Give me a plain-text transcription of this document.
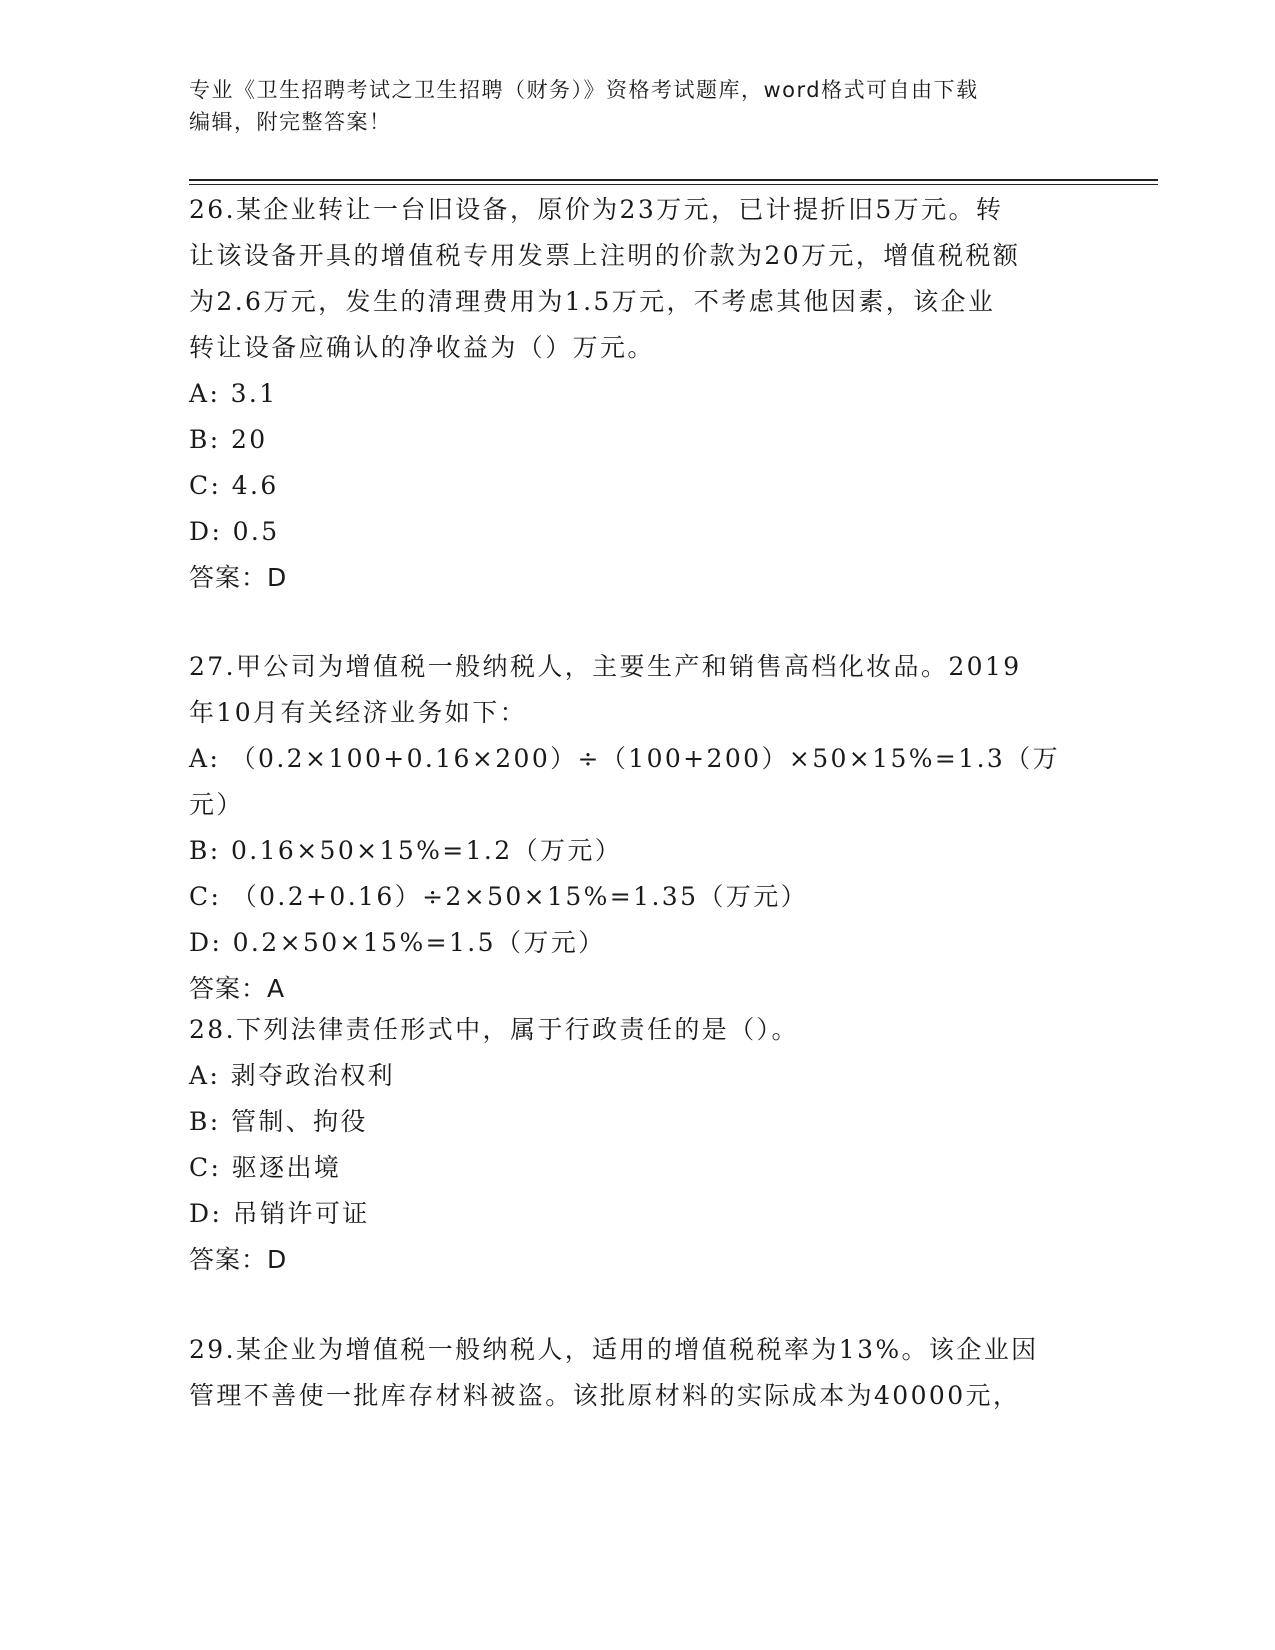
专业《卫生招聘考试之卫生招聘（财务）》资格考试题库，word格式可自由下载
编辑，附完整答案！

26.某企业转让一台旧设备，原价为23万元，已计提折旧5万元。转

让该设备开具的增值税专用发票上注明的价款为20万元，增值税税额

为2.6万元，发生的清理费用为1.5万元，不考虑其他因素，该企业

转让设备应确认的净收益为（）万元。

A: 3.1

B: 20

C: 4.6

D: 0.5

答案：D

27.甲公司为增值税一般纳税人，主要生产和销售高档化妆品。2019

年10月有关经济业务如下：

A: （0.2×100+0.16×200）÷（100+200）×50×15%=1.3（万元）

B: 0.16×50×15%=1.2（万元）

C: （0.2+0.16）÷2×50×15%=1.35（万元）

D: 0.2×50×15%=1.5（万元）

答案：A

28.下列法律责任形式中，属于行政责任的是（）。

A: 剥夺政治权利

B: 管制、拘役

C: 驱逐出境

D: 吊销许可证

答案：D

29.某企业为增值税一般纳税人，适用的增值税税率为13%。该企业因

管理不善使一批库存材料被盗。该批原材料的实际成本为40000元，
